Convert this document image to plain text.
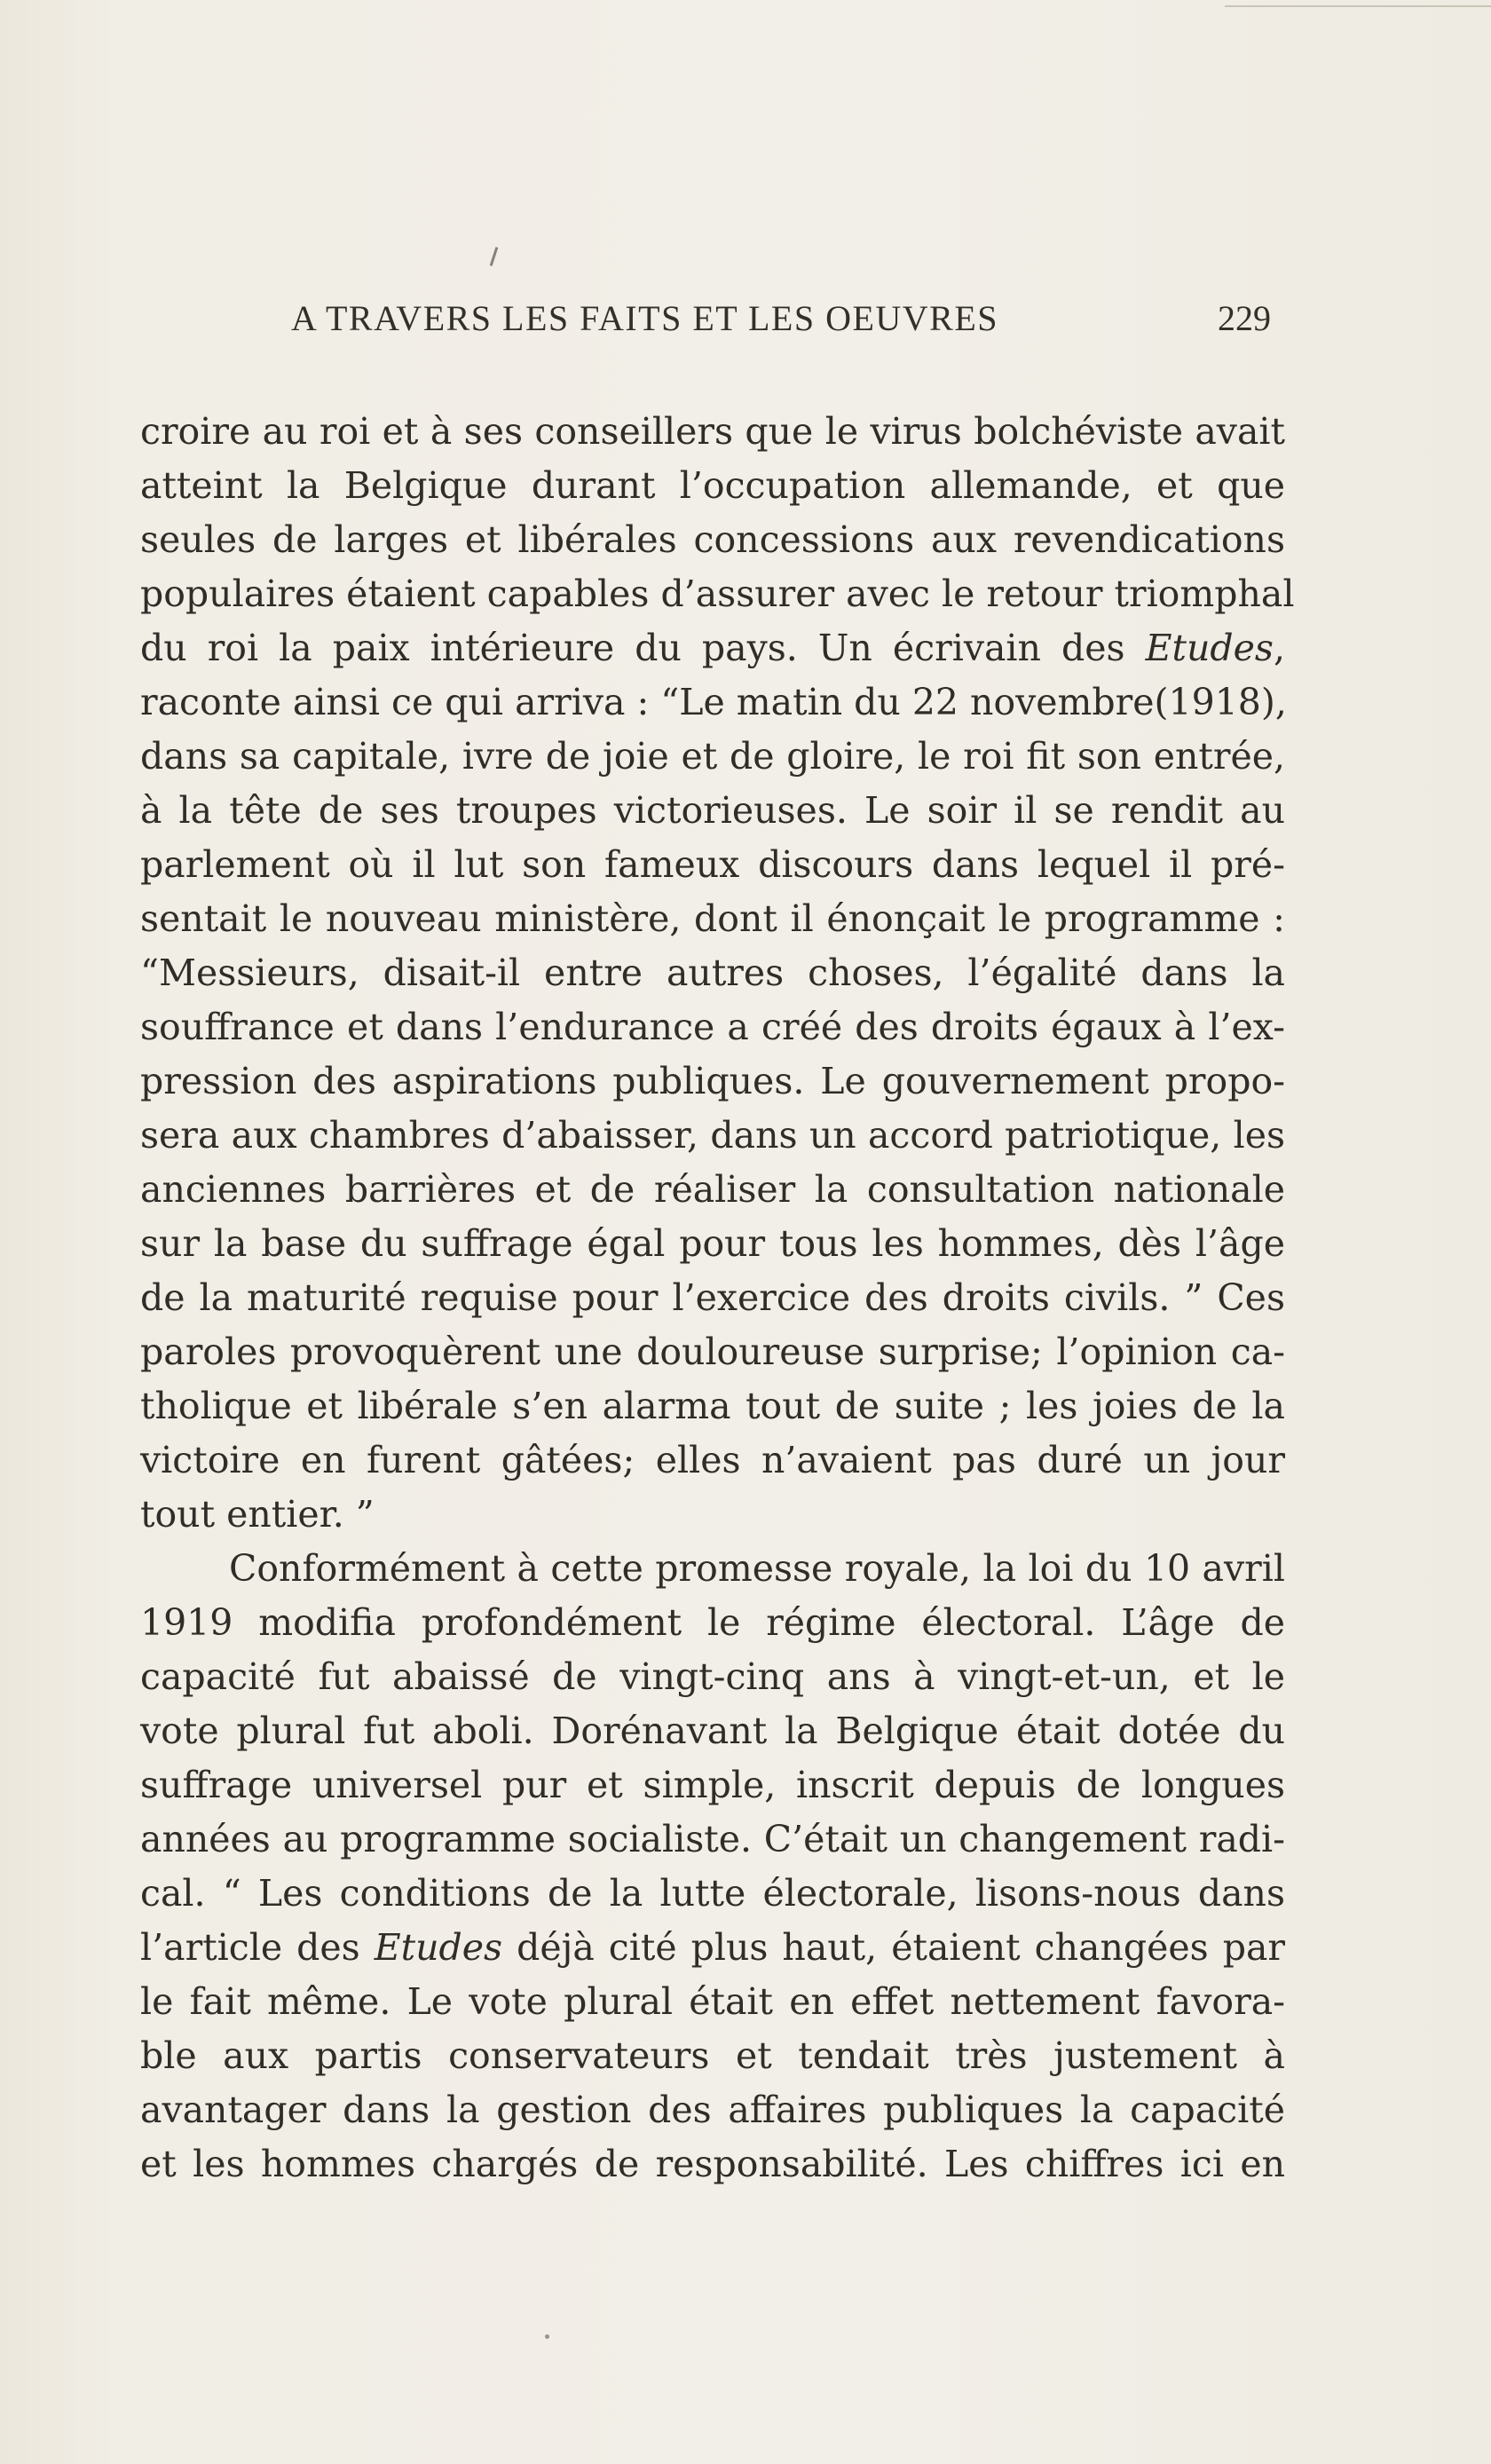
A TRAVERS LES FAITS ET LES OEUVRES	229
croire au roi et à ses conseillers que le virus bolchéviste avait
atteint la Belgique durant l’occupation allemande, et que
seules de larges et libérales concessions aux revendications
populaires étaient capables d’assurer avec le retour triomphal
du roi la paix intérieure du pays. Un écrivain des Etudes,
raconte ainsi ce qui arriva : “Le matin du 22 novembre(1918),
dans sa capitale, ivre de joie et de gloire, le roi fit son entrée,
à la tête de ses troupes victorieuses. Le soir il se rendit au
parlement où il lut son fameux discours dans lequel il pré-
sentait le nouveau ministère, dont il énonçait le programme :
“Messieurs, disait-il entre autres choses, l’égalité dans la
souffrance et dans l’endurance a créé des droits égaux à l’ex-
pression des aspirations publiques. Le gouvernement propo-
sera aux chambres d’abaisser, dans un accord patriotique, les
anciennes barrières et de réaliser la consultation nationale
sur la base du suffrage égal pour tous les hommes, dès l’âge
de la maturité requise pour l’exercice des droits civils. ” Ces
paroles provoquèrent une douloureuse surprise; l’opinion ca-
tholique et libérale s’en alarma tout de suite ; les joies de la
victoire en furent gâtées; elles n’avaient pas duré un jour
tout entier. ”
Conformément à cette promesse royale, la loi du 10 avril
1919 modifia profondément le régime électoral. L’âge de
capacité fut abaissé de vingt-cinq ans à vingt-et-un, et le
vote plural fut aboli. Dorénavant la Belgique était dotée du
suffrage universel pur et simple, inscrit depuis de longues
années au programme socialiste. C’était un changement radi-
cal. “ Les conditions de la lutte électorale, lisons-nous dans
l’article des Etudes déjà cité plus haut, étaient changées par
le fait même. Le vote plural était en effet nettement favora-
ble aux partis conservateurs et tendait très justement à
avantager dans la gestion des affaires publiques la capacité
et les hommes chargés de responsabilité. Les chiffres ici en
